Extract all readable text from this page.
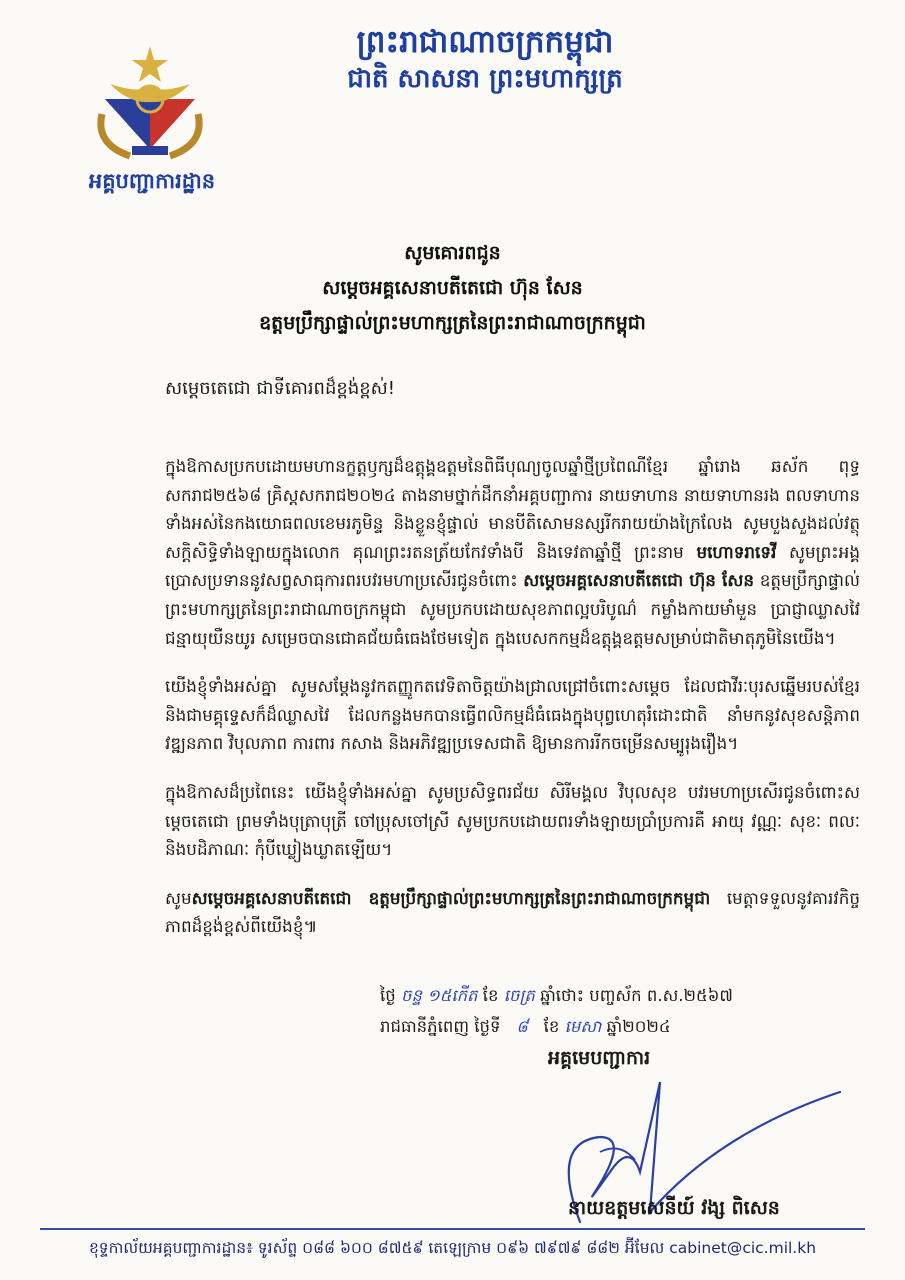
ព្រះរាជាណាចក្រកម្ពុជា
ជាតិ សាសនា ព្រះមហាក្សត្រ
អគ្គបញ្ជាការដ្ឋាន
សូមគោរពជូន
សម្តេចអគ្គសេនាបតីតេជោ ហ៊ុន សែន
ឧត្តមប្រឹក្សាផ្ទាល់ព្រះមហាក្សត្រនៃព្រះរាជាណាចក្រកម្ពុជា
សម្តេចតេជោ ជាទីគោរពដ៏ខ្ពង់ខ្ពស់!

ក្នុងឱកាសប្រកបដោយមហានក្ខត្តឫក្សដ៏ឧត្តុង្គឧត្តមនៃពិធីបុណ្យចូលឆ្នាំថ្មីប្រពៃណីខ្មែរ ឆ្នាំរោង ឆស័ក ពុទ្ធសករាជ២៥៦៨ គ្រិស្តសករាជ២០២៤ តាងនាមថ្នាក់ដឹកនាំអគ្គបញ្ជាការ នាយទាហាន នាយទាហានរង ពលទាហានទាំងអស់នៃកងយោធពលខេមរភូមិន្ទ និងខ្លួនខ្ញុំផ្ទាល់ មានបីតិសោមនស្សរីករាយយ៉ាងក្រៃលែង សូមបួងសួងដល់វត្ថុសក្តិសិទ្ធិទាំងឡាយក្នុងលោក គុណព្រះរតនត្រ័យកែវទាំងបី និងទេវតាឆ្នាំថ្មី ព្រះនាម មហោទរាទេវី សូមព្រះអង្គប្រោសប្រទាននូវសព្វសាធុការពរបវរមហាប្រសើរជូនចំពោះ សម្តេចអគ្គសេនាបតីតេជោ ហ៊ុន សែន ឧត្តមប្រឹក្សាផ្ទាល់ព្រះមហាក្សត្រនៃព្រះរាជាណាចក្រកម្ពុជា សូមប្រកបដោយសុខភាពល្អបរិបូណ៌ កម្លាំងកាយមាំមួន ប្រាជ្ញាឈ្លាសវៃ ជន្មាយុយឺនយូរ សម្រេចបានជោគជ័យធំធេងថែមទៀត ក្នុងបេសកកម្មដ៏ឧត្តុង្គឧត្តមសម្រាប់ជាតិមាតុភូមិនៃយើង។

យើងខ្ញុំទាំងអស់គ្នា សូមសម្តែងនូវកតញ្ញូកតវេទិតាចិត្តយ៉ាងជ្រាលជ្រៅចំពោះសម្តេច ដែលជាវីរៈបុរសឆ្នើមរបស់ខ្មែរ និងជាមគ្គុទ្ទេសក៏ដ៏ឈ្លាសវៃ ដែលកន្លងមកបានធ្វើពលិកម្មដ៏ធំធេងក្នុងបុព្វហេតុរំដោះជាតិ នាំមកនូវសុខសន្តិភាព វឌ្ឍនភាព វិបុលភាព ការពារ កសាង និងអភិវឌ្ឍប្រទេសជាតិ ឱ្យមានការរីកចម្រើនសម្បូរុងរឿង។

ក្នុងឱកាសដ៏ប្រពៃនេះ យើងខ្ញុំទាំងអស់គ្នា សូមប្រសិទ្ធពរជ័យ សិរីមង្គល វិបុលសុខ បវរមហាប្រសើរជូនចំពោះសម្តេចតេជោ ព្រមទាំងបុត្រាបុត្រី ចៅប្រុសចៅស្រី សូមប្រកបដោយពរទាំងឡាយប្រាំប្រការគឺ អាយុ វណ្ណៈ សុខៈ ពលៈ និងបដិភាណៈ កុំបីឃ្លៀងឃ្លាតឡើយ។

សូមសម្តេចអគ្គសេនាបតីតេជោ ឧត្តមប្រឹក្សាផ្ទាល់ព្រះមហាក្សត្រនៃព្រះរាជាណាចក្រកម្ពុជា មេត្តាទទួលនូវគារវកិច្ចភាពដ៏ខ្ពង់ខ្ពស់ពីយើងខ្ញុំ៕

ថ្ងៃ ចន្ទ ១៥កើត ខែ ចេត្រ ឆ្នាំថោះ បញ្ចស័ក ព.ស.២៥៦៧
រាជធានីភ្នំពេញ ថ្ងៃទី ៨ ខែ មេសា ឆ្នាំ២០២៤
អគ្គមេបញ្ជាការ
នាយឧត្តមសេនីយ៍ វង្ស ពិសេន
ខុទ្ទកាល័យអគ្គបញ្ជាការដ្ឋាន៖ ទូរស័ព្ទ ០៨៨ ៦០០ ៨៧៥៩ តេឡេក្រាម ០៩៦ ៧៩៧៩ ៨៨២ អ៊ីមែល cabinet@cic.mil.kh
